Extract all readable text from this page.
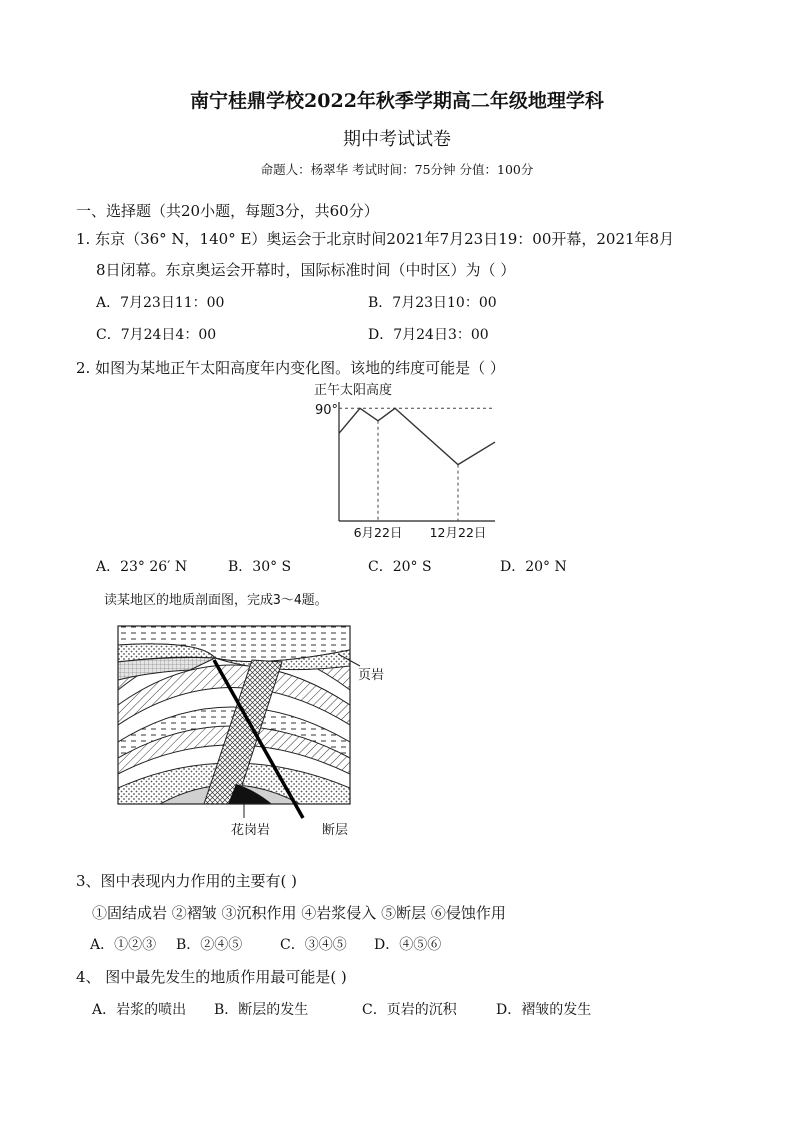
南宁桂鼎学校2022年秋季学期高二年级地理学科
期中考试试卷
命题人：杨翠华 考试时间：75分钟 分值：100分
一、选择题（共20小题，每题3分，共60分）
1. 东京（36° N，140° E）奥运会于北京时间2021年7月23日19：00开幕，2021年8月
8日闭幕。东京奥运会开幕时，国际标准时间（中时区）为（ ）
A．7月23日11：00	B．7月23日10：00
C．7月24日4：00	D．7月24日3：00
2. 如图为某地正午太阳高度年内变化图。该地的纬度可能是（ ）
正午太阳高度
90°
6月22日 12月22日
A．23° 26′ N	B．30° S	C．20° S	D．20° N
读某地区的地质剖面图，完成3～4题。
页岩
花岗岩	断层
3、图中表现内力作用的主要有( )
①固结成岩 ②褶皱 ③沉积作用 ④岩浆侵入 ⑤断层 ⑥侵蚀作用
A．①②③ B．②④⑤	C．③④⑤ D．④⑤⑥
4、 图中最先发生的地质作用最可能是( )
A．岩浆的喷出 B．断层的发生	C．页岩的沉积	D．褶皱的发生
